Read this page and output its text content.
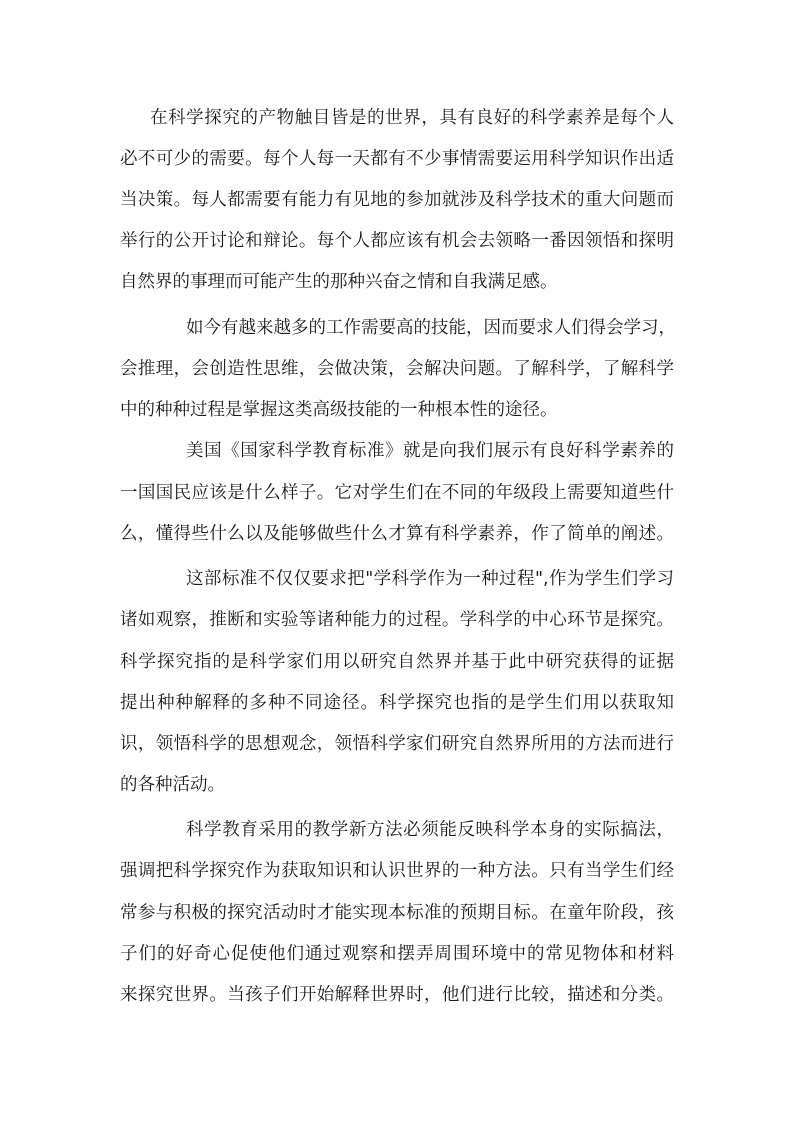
在科学探究的产物触目皆是的世界，具有良好的科学素养是每个人
必不可少的需要。每个人每一天都有不少事情需要运用科学知识作出适
当决策。每人都需要有能力有见地的参加就涉及科学技术的重大问题而
举行的公开讨论和辩论。每个人都应该有机会去领略一番因领悟和探明
自然界的事理而可能产生的那种兴奋之情和自我满足感。
如今有越来越多的工作需要高的技能，因而要求人们得会学习，
会推理，会创造性思维，会做决策，会解决问题。了解科学，了解科学
中的种种过程是掌握这类高级技能的一种根本性的途径。
美国《国家科学教育标准》就是向我们展示有良好科学素养的
一国国民应该是什么样子。它对学生们在不同的年级段上需要知道些什
么，懂得些什么以及能够做些什么才算有科学素养，作了简单的阐述。
这部标准不仅仅要求把"学科学作为一种过程",作为学生们学习
诸如观察，推断和实验等诸种能力的过程。学科学的中心环节是探究。
科学探究指的是科学家们用以研究自然界并基于此中研究获得的证据
提出种种解释的多种不同途径。科学探究也指的是学生们用以获取知
识，领悟科学的思想观念，领悟科学家们研究自然界所用的方法而进行
的各种活动。
科学教育采用的教学新方法必须能反映科学本身的实际搞法，
强调把科学探究作为获取知识和认识世界的一种方法。只有当学生们经
常参与积极的探究活动时才能实现本标准的预期目标。在童年阶段，孩
子们的好奇心促使他们通过观察和摆弄周围环境中的常见物体和材料
来探究世界。当孩子们开始解释世界时，他们进行比较，描述和分类。
